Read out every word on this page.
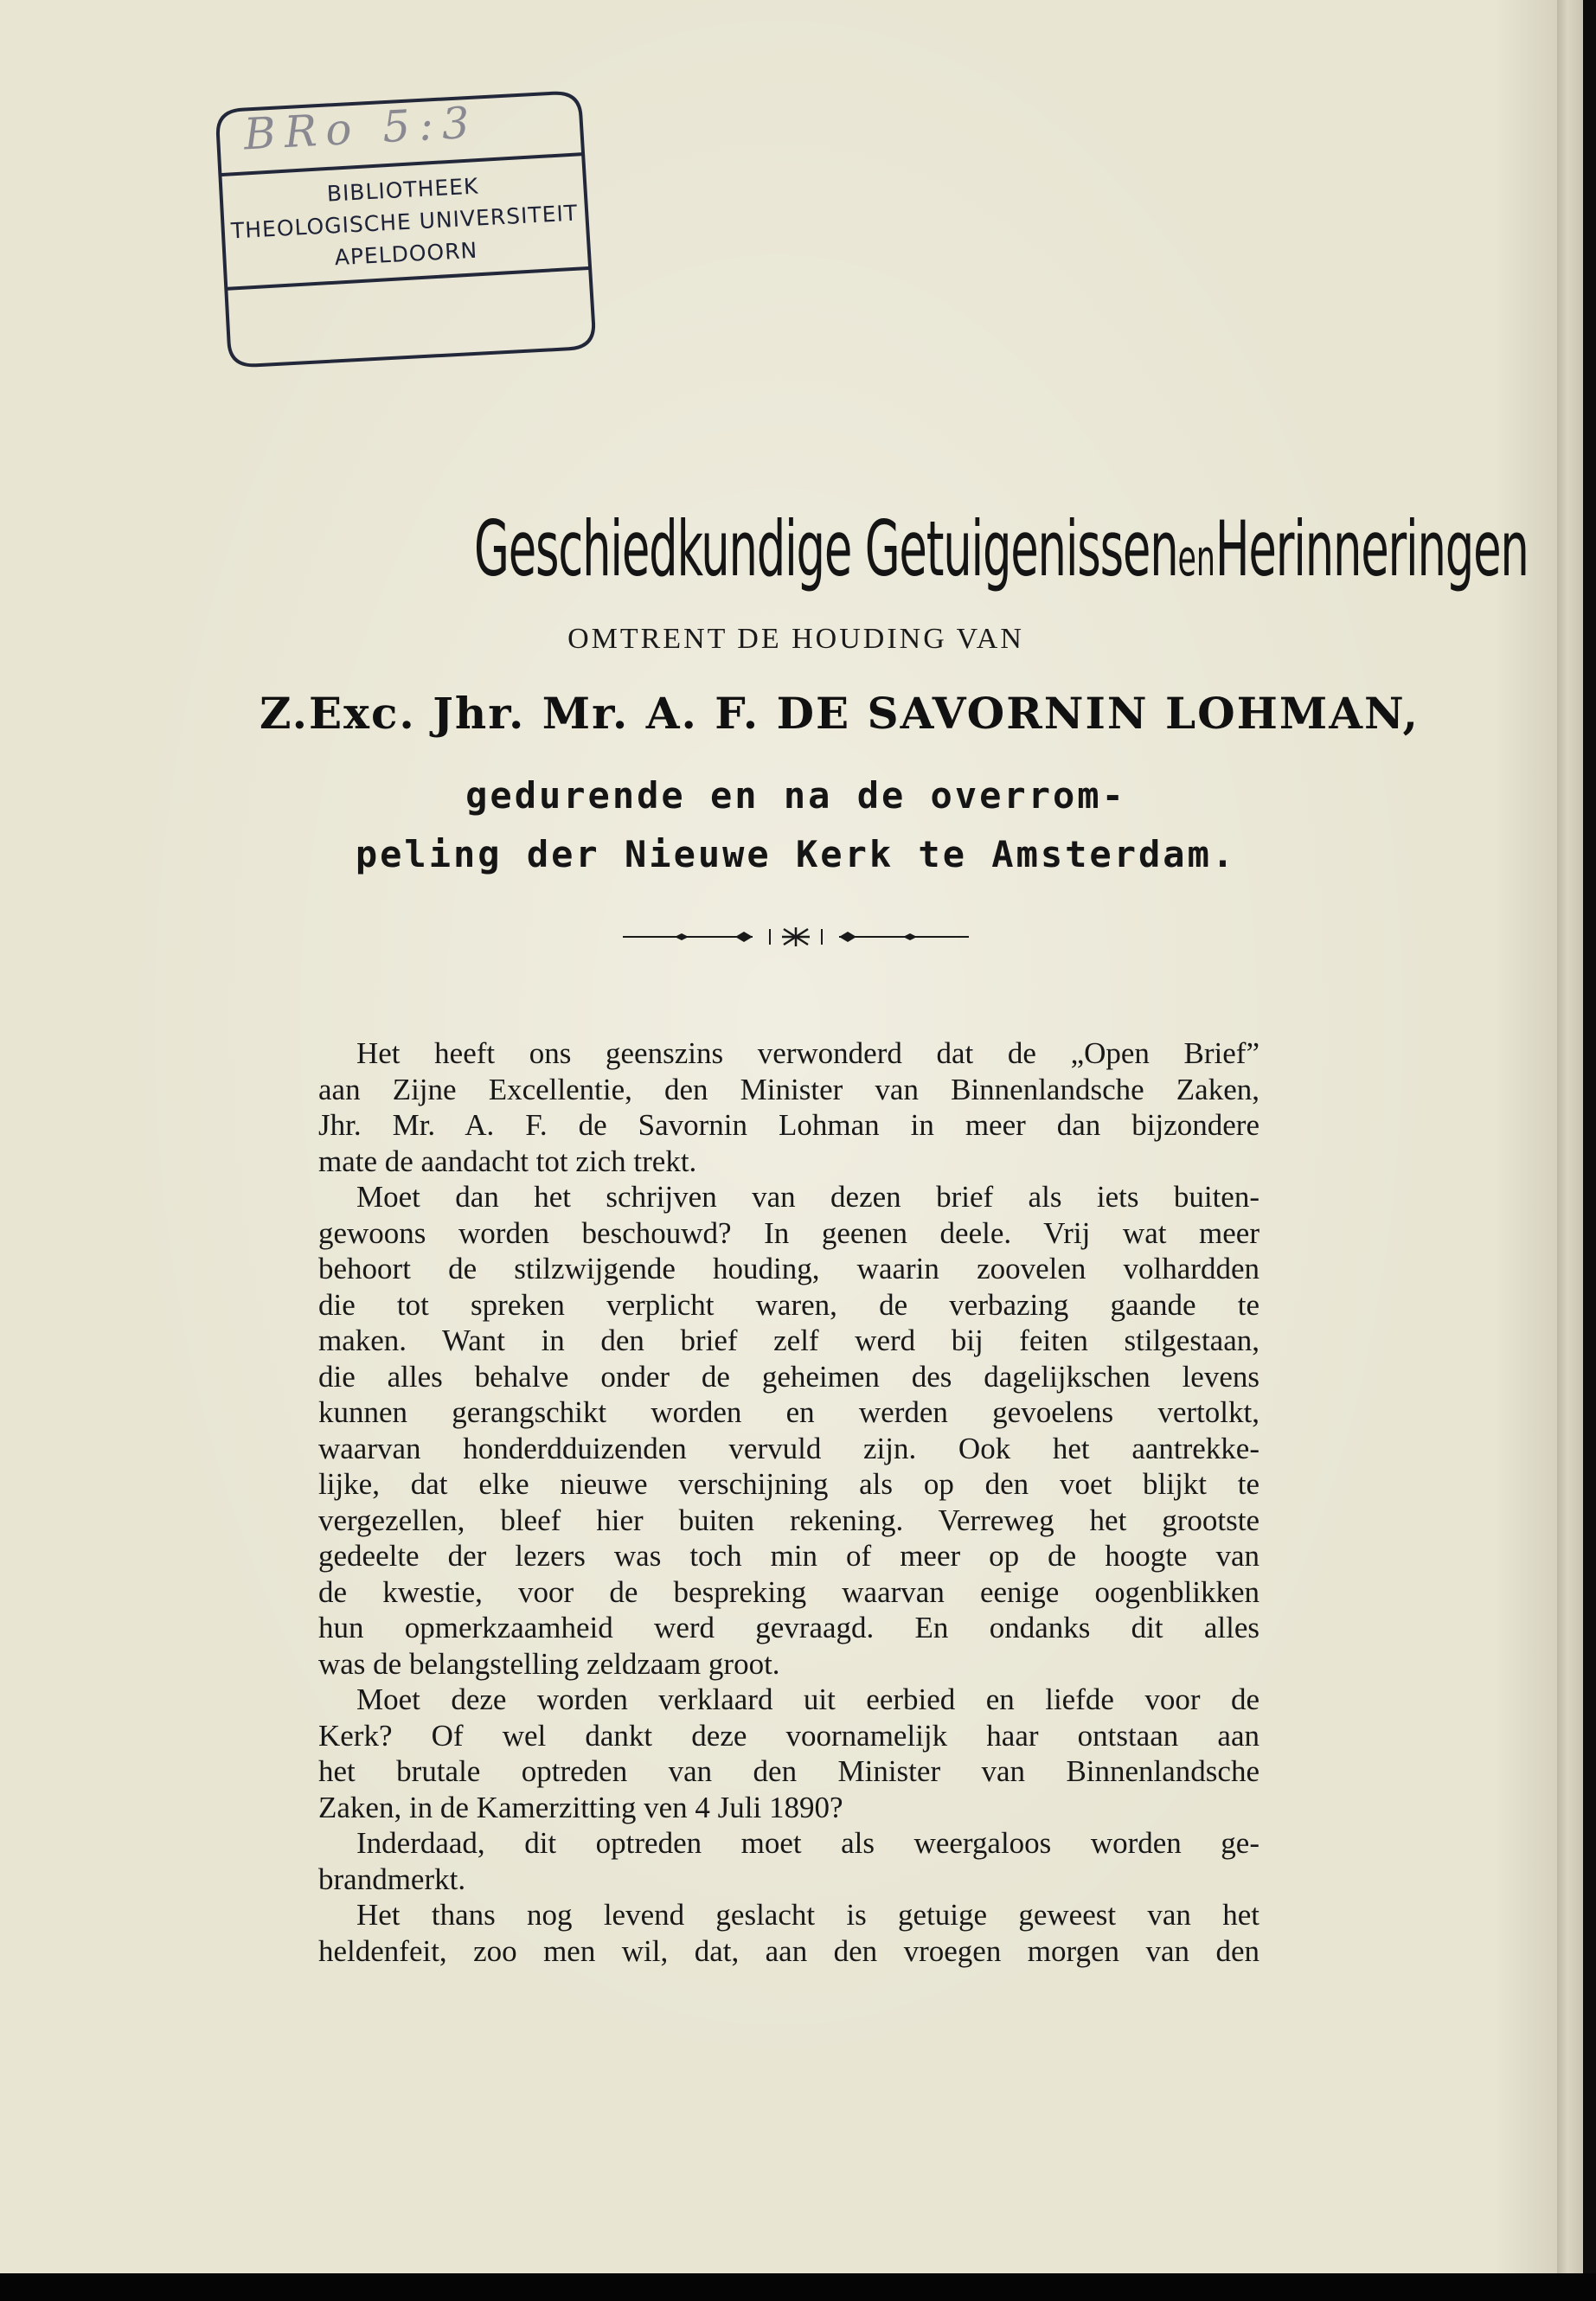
BRo 5:3
BIBLIOTHEEK
THEOLOGISCHE UNIVERSITEIT
APELDOORN
Geschiedkundige GetuigenissenenHerinneringen
OMTRENT DE HOUDING VAN
Z.Exc. Jhr. Mr. A. F. DE SAVORNIN LOHMAN,
gedurende en na de overrom-
peling der Nieuwe Kerk te Amsterdam.
Het heeft ons geenszins verwonderd dat de „Open Brief”
aan Zijne Excellentie, den Minister van Binnenlandsche Zaken,
Jhr. Mr. A. F. de Savornin Lohman in meer dan bijzondere
mate de aandacht tot zich trekt.
Moet dan het schrijven van dezen brief als iets buiten-
gewoons worden beschouwd? In geenen deele. Vrij wat meer
behoort de stilzwijgende houding, waarin zoovelen volhardden
die tot spreken verplicht waren, de verbazing gaande te
maken. Want in den brief zelf werd bij feiten stilgestaan,
die alles behalve onder de geheimen des dagelijkschen levens
kunnen gerangschikt worden en werden gevoelens vertolkt,
waarvan honderdduizenden vervuld zijn. Ook het aantrekke-
lijke, dat elke nieuwe verschijning als op den voet blijkt te
vergezellen, bleef hier buiten rekening. Verreweg het grootste
gedeelte der lezers was toch min of meer op de hoogte van
de kwestie, voor de bespreking waarvan eenige oogenblikken
hun opmerkzaamheid werd gevraagd. En ondanks dit alles
was de belangstelling zeldzaam groot.
Moet deze worden verklaard uit eerbied en liefde voor de
Kerk? Of wel dankt deze voornamelijk haar ontstaan aan
het brutale optreden van den Minister van Binnenlandsche
Zaken, in de Kamerzitting ven 4 Juli 1890?
Inderdaad, dit optreden moet als weergaloos worden ge-
brandmerkt.
Het thans nog levend geslacht is getuige geweest van het
heldenfeit, zoo men wil, dat, aan den vroegen morgen van den
